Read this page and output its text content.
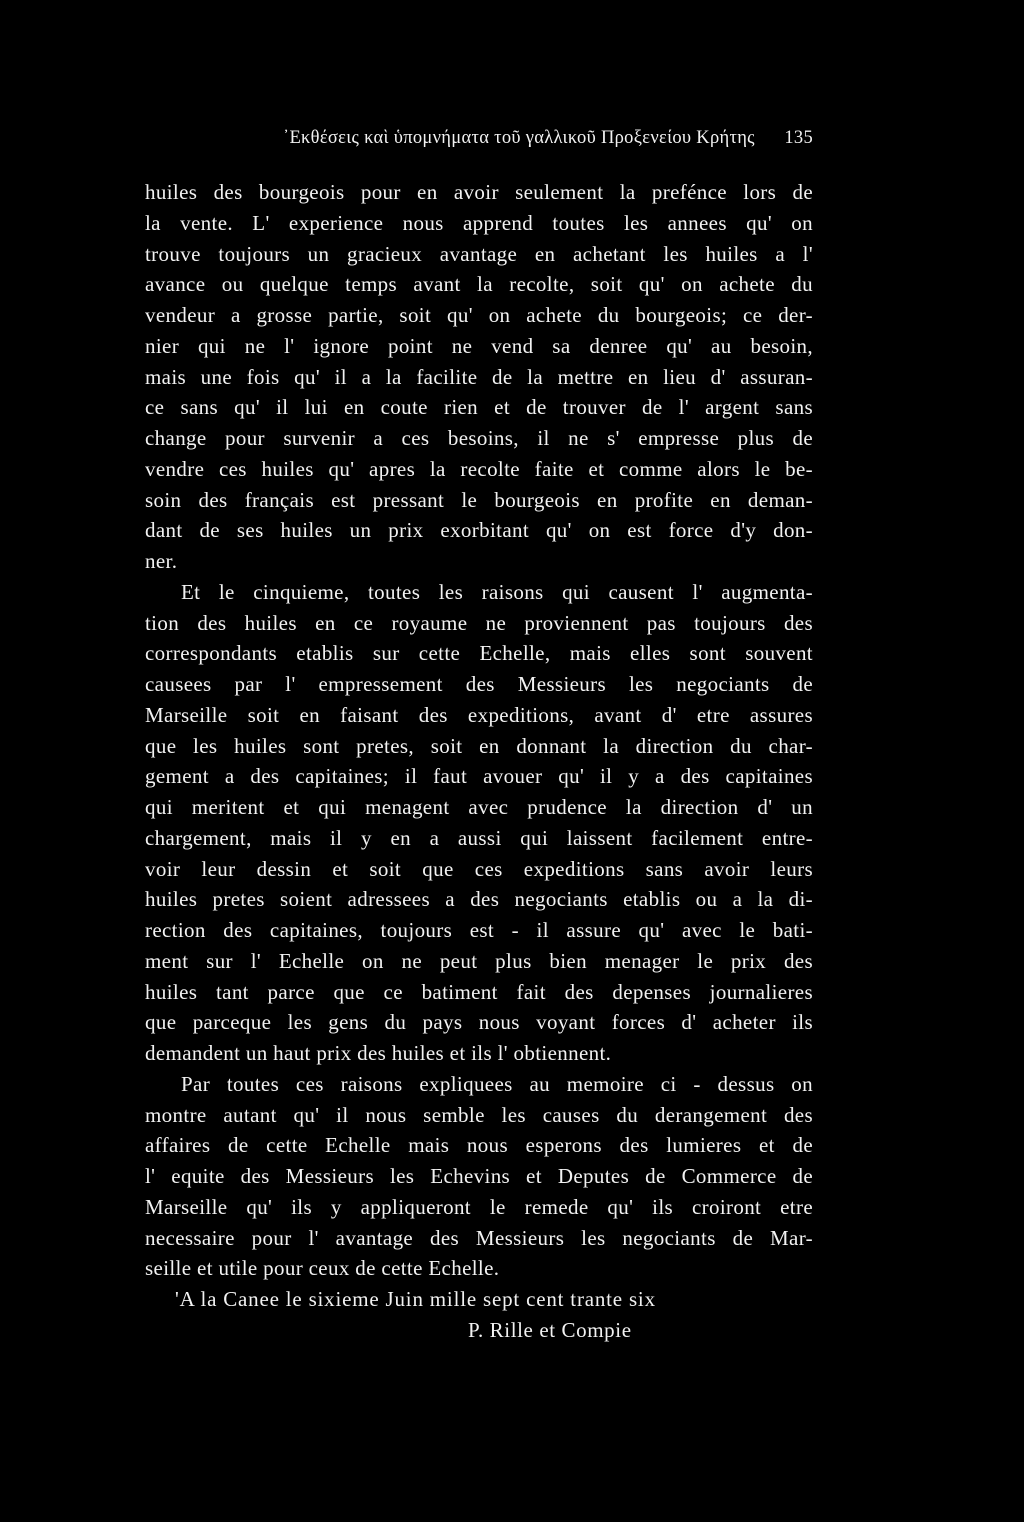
᾿Εκθέσεις καὶ ὑπομνήματα τοῦ γαλλικοῦ Προξενείου Κρήτης 135
huiles des bourgeois pour en avoir seulement la prefénce lors de
la vente. L' experience nous apprend toutes les annees qu' on
trouve toujours un gracieux avantage en achetant les huiles a l'
avance ou quelque temps avant la recolte, soit qu' on achete du
vendeur a grosse partie, soit qu' on achete du bourgeois; ce der-
nier qui ne l' ignore point ne vend sa denree qu' au besoin,
mais une fois qu' il a la facilite de la mettre en lieu d' assuran-
ce sans qu' il lui en coute rien et de trouver de l' argent sans
change pour survenir a ces besoins, il ne s' empresse plus de
vendre ces huiles qu' apres la recolte faite et comme alors le be-
soin des français est pressant le bourgeois en profite en deman-
dant de ses huiles un prix exorbitant qu' on est force d'y don-
ner.
Et le cinquieme, toutes les raisons qui causent l' augmenta-
tion des huiles en ce royaume ne proviennent pas toujours des
correspondants etablis sur cette Echelle, mais elles sont souvent
causees par l' empressement des Messieurs les negociants de
Marseille soit en faisant des expeditions, avant d' etre assures
que les huiles sont pretes, soit en donnant la direction du char-
gement a des capitaines; il faut avouer qu' il y a des capitaines
qui meritent et qui menagent avec prudence la direction d' un
chargement, mais il y en a aussi qui laissent facilement entre-
voir leur dessin et soit que ces expeditions sans avoir leurs
huiles pretes soient adressees a des negociants etablis ou a la di-
rection des capitaines, toujours est - il assure qu' avec le bati-
ment sur l' Echelle on ne peut plus bien menager le prix des
huiles tant parce que ce batiment fait des depenses journalieres
que parceque les gens du pays nous voyant forces d' acheter ils
demandent un haut prix des huiles et ils l' obtiennent.
Par toutes ces raisons expliquees au memoire ci - dessus on
montre autant qu' il nous semble les causes du derangement des
affaires de cette Echelle mais nous esperons des lumieres et de
l' equite des Messieurs les Echevins et Deputes de Commerce de
Marseille qu' ils y appliqueront le remede qu' ils croiront etre
necessaire pour l' avantage des Messieurs les negociants de Mar-
seille et utile pour ceux de cette Echelle.
'A la Canee le sixieme Juin mille sept cent trante six
P. Rille et Compie
